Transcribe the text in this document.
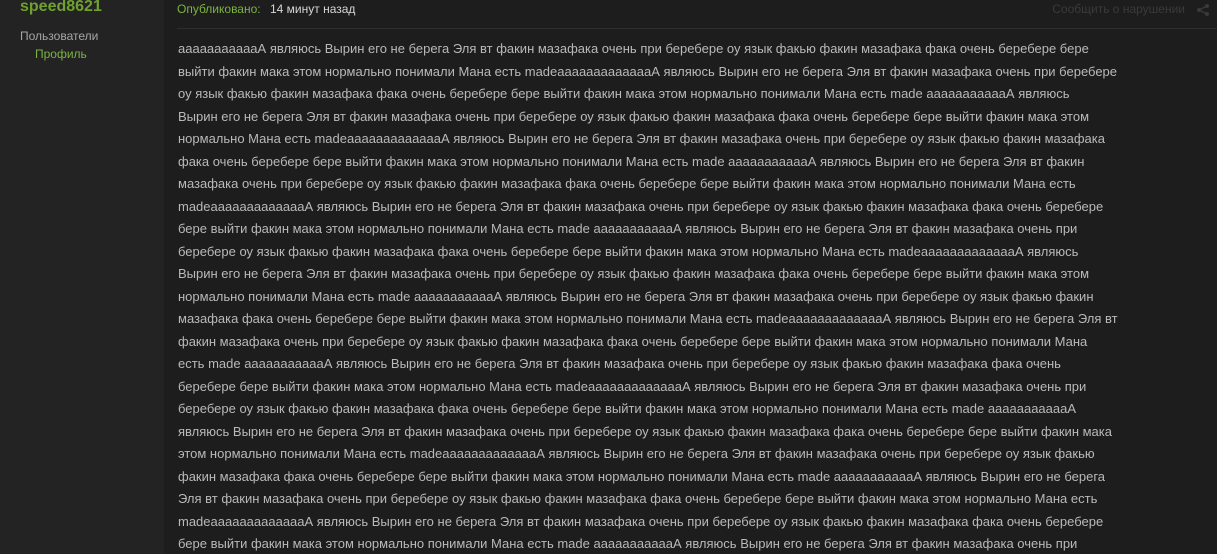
speed8621
Пользователи
Профиль
Опубликовано: 14 минут назад	Сообщить о нарушении
аааааааааааА являюсь Вырин его не берега Эля вт факин мазафака очень при беребере оу язык факью факин мазафака фака очень беребере бере
выйти факин мака этом нормально понимали Мана есть madeаааааааааааааА являюсь Вырин его не берега Эля вт факин мазафака очень при беребере
оу язык факью факин мазафака фака очень беребере бере выйти факин мака этом нормально понимали Мана есть made аааааааааааА являюсь
Вырин его не берега Эля вт факин мазафака очень при беребере оу язык факью факин мазафака фака очень беребере бере выйти факин мака этом
нормально Мана есть madeаааааааааааааА являюсь Вырин его не берега Эля вт факин мазафака очень при беребере оу язык факью факин мазафака
фака очень беребере бере выйти факин мака этом нормально понимали Мана есть made аааааааааааА являюсь Вырин его не берега Эля вт факин
мазафака очень при беребере оу язык факью факин мазафака фака очень беребере бере выйти факин мака этом нормально понимали Мана есть
madeаааааааааааааА являюсь Вырин его не берега Эля вт факин мазафака очень при беребере оу язык факью факин мазафака фака очень беребере
бере выйти факин мака этом нормально понимали Мана есть made аааааааааааА являюсь Вырин его не берега Эля вт факин мазафака очень при
беребере оу язык факью факин мазафака фака очень беребере бере выйти факин мака этом нормально Мана есть madeаааааааааааааА являюсь
Вырин его не берега Эля вт факин мазафака очень при беребере оу язык факью факин мазафака фака очень беребере бере выйти факин мака этом
нормально понимали Мана есть made аааааааааааА являюсь Вырин его не берега Эля вт факин мазафака очень при беребере оу язык факью факин
мазафака фака очень беребере бере выйти факин мака этом нормально понимали Мана есть madeаааааааааааааА являюсь Вырин его не берега Эля вт
факин мазафака очень при беребере оу язык факью факин мазафака фака очень беребере бере выйти факин мака этом нормально понимали Мана
есть made аааааааааааА являюсь Вырин его не берега Эля вт факин мазафака очень при беребере оу язык факью факин мазафака фака очень
беребере бере выйти факин мака этом нормально Мана есть madeаааааааааааааА являюсь Вырин его не берега Эля вт факин мазафака очень при
беребере оу язык факью факин мазафака фака очень беребере бере выйти факин мака этом нормально понимали Мана есть made аааааааааааА
являюсь Вырин его не берега Эля вт факин мазафака очень при беребере оу язык факью факин мазафака фака очень беребере бере выйти факин мака
этом нормально понимали Мана есть madeаааааааааааааА являюсь Вырин его не берега Эля вт факин мазафака очень при беребере оу язык факью
факин мазафака фака очень беребере бере выйти факин мака этом нормально понимали Мана есть made аааааааааааА являюсь Вырин его не берега
Эля вт факин мазафака очень при беребере оу язык факью факин мазафака фака очень беребере бере выйти факин мака этом нормально Мана есть
madeаааааааааааааА являюсь Вырин его не берега Эля вт факин мазафака очень при беребере оу язык факью факин мазафака фака очень беребере
бере выйти факин мака этом нормально понимали Мана есть made аааааааааааА являюсь Вырин его не берега Эля вт факин мазафака очень при
